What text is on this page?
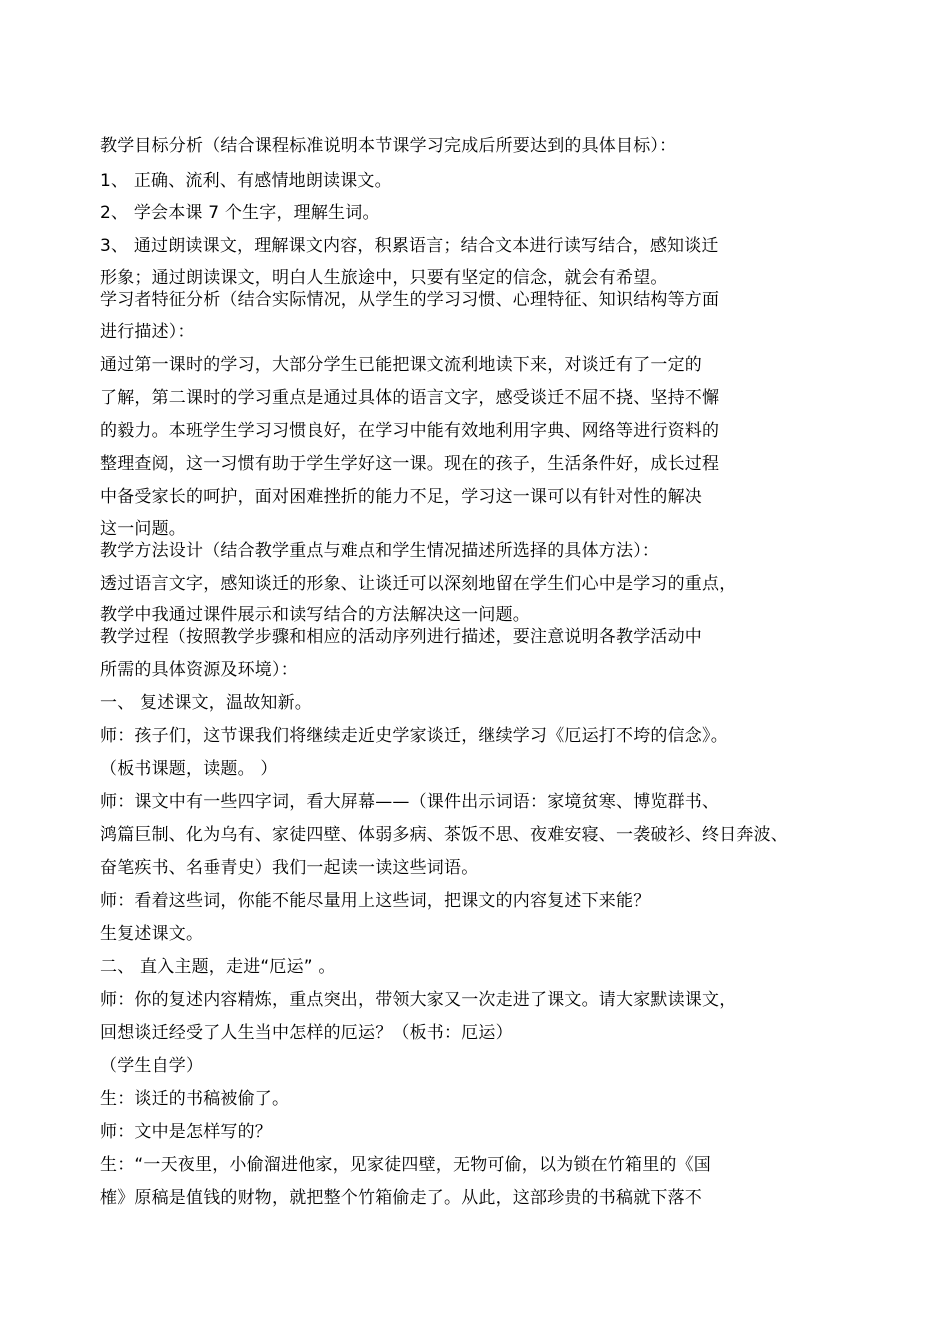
教学目标分析（结合课程标准说明本节课学习完成后所要达到的具体目标）：
1、 正确、流利、有感情地朗读课文。
2、 学会本课 7 个生字，理解生词。
3、 通过朗读课文，理解课文内容，积累语言；结合文本进行读写结合，感知谈迁
形象；通过朗读课文，明白人生旅途中，只要有坚定的信念，就会有希望。
学习者特征分析（结合实际情况，从学生的学习习惯、心理特征、知识结构等方面
进行描述）：
通过第一课时的学习，大部分学生已能把课文流利地读下来，对谈迁有了一定的
了解，第二课时的学习重点是通过具体的语言文字，感受谈迁不屈不挠、坚持不懈
的毅力。本班学生学习习惯良好，在学习中能有效地利用字典、网络等进行资料的
整理查阅，这一习惯有助于学生学好这一课。现在的孩子，生活条件好，成长过程
中备受家长的呵护，面对困难挫折的能力不足，学习这一课可以有针对性的解决
这一问题。
教学方法设计（结合教学重点与难点和学生情况描述所选择的具体方法）：
透过语言文字，感知谈迁的形象、让谈迁可以深刻地留在学生们心中是学习的重点，
教学中我通过课件展示和读写结合的方法解决这一问题。
教学过程（按照教学步骤和相应的活动序列进行描述，要注意说明各教学活动中
所需的具体资源及环境）：
一、 复述课文，温故知新。
师：孩子们，这节课我们将继续走近史学家谈迁，继续学习《厄运打不垮的信念》。
（板书课题，读题。 ）
师：课文中有一些四字词，看大屏幕——（课件出示词语：家境贫寒、博览群书、
鸿篇巨制、化为乌有、家徒四壁、体弱多病、茶饭不思、夜难安寝、一袭破衫、终日奔波、
奋笔疾书、名垂青史）我们一起读一读这些词语。
师：看着这些词，你能不能尽量用上这些词，把课文的内容复述下来能？
生复述课文。
二、 直入主题，走进“厄运” 。
师：你的复述内容精炼，重点突出，带领大家又一次走进了课文。请大家默读课文，
回想谈迁经受了人生当中怎样的厄运？（板书：厄运）
（学生自学）
生：谈迁的书稿被偷了。
师：文中是怎样写的？
生：“一天夜里，小偷溜进他家，见家徒四壁，无物可偷，以为锁在竹箱里的《国
榷》原稿是值钱的财物，就把整个竹箱偷走了。从此，这部珍贵的书稿就下落不
